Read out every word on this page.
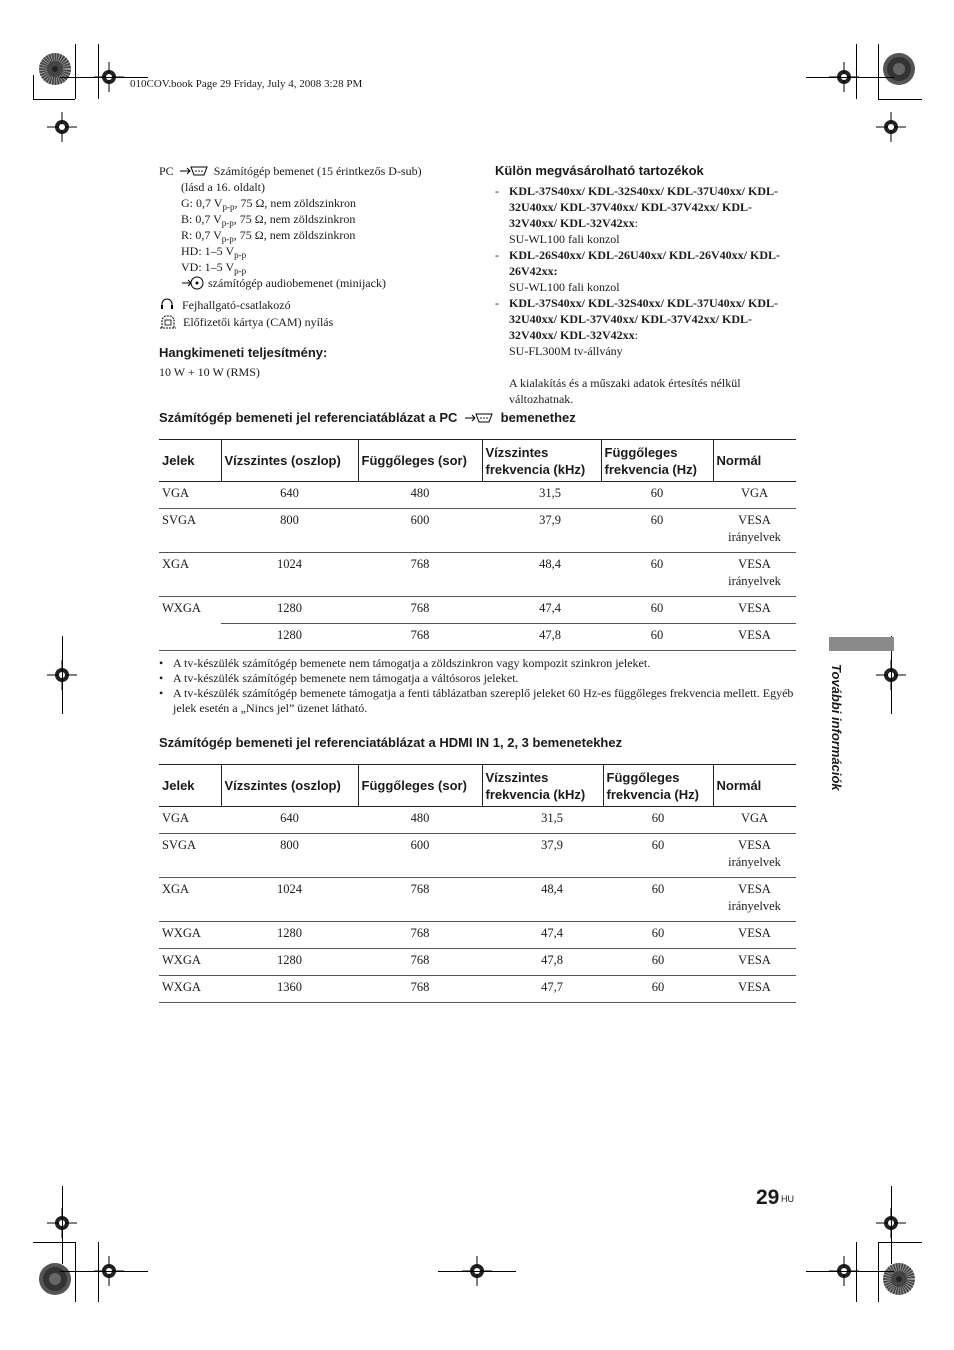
010COV.book Page 29 Friday, July 4, 2008 3:28 PM
PC	Számítógép bemenet (15 érintkezős D-sub)
(lásd a 16. oldalt)
G: 0,7 $V_{p-p}$, 75 Ω, nem zöldszinkron
B: 0,7 $V_{p-p}$, 75 Ω, nem zöldszinkron
R: 0,7 $V_{p-p}$, 75 Ω, nem zöldszinkron
HD: 1–5 $V_{p-p}$
VD: 1–5 $V_{p-p}$
számítógép audiobemenet (minijack)
Fejhallgató-csatlakozó
Előfizetői kártya (CAM) nyílás
Hangkimeneti teljesítmény:
10 W + 10 W (RMS)
Külön megvásárolható tartozékok
- KDL-37S40xx/ KDL-32S40xx/ KDL-37U40xx/ KDL-32U40xx/ KDL-37V40xx/ KDL-37V42xx/ KDL-32V40xx/ KDL-32V42xx:
SU-WL100 fali konzol
- KDL-26S40xx/ KDL-26U40xx/ KDL-26V40xx/ KDL-26V42xx:
SU-WL100 fali konzol
- KDL-37S40xx/ KDL-32S40xx/ KDL-37U40xx/ KDL-32U40xx/ KDL-37V40xx/ KDL-37V42xx/ KDL-32V40xx/ KDL-32V42xx:
SU-FL300M tv-állvány
A kialakítás és a műszaki adatok értesítés nélkül változhatnak.
Számítógép bemeneti jel referenciatáblázat a PC	bemenethez
Jelek	Vízszintes (oszlop)	Függőleges (sor)	Vízszintes frekvencia (kHz)	Függőleges frekvencia (Hz)	Normál
VGA	640	480	31,5	60	VGA
SVGA	800	600	37,9	60	VESA irányelvek
XGA	1024	768	48,4	60	VESA irányelvek
WXGA	1280	768	47,4	60	VESA
	1280	768	47,8	60	VESA
• A tv-készülék számítógép bemenete nem támogatja a zöldszinkron vagy kompozit szinkron jeleket.
• A tv-készülék számítógép bemenete nem támogatja a váltósoros jeleket.
• A tv-készülék számítógép bemenete támogatja a fenti táblázatban szereplő jeleket 60 Hz-es függőleges frekvencia mellett. Egyéb jelek esetén a „Nincs jel” üzenet látható.
Számítógép bemeneti jel referenciatáblázat a HDMI IN 1, 2, 3 bemenetekhez
Jelek	Vízszintes (oszlop)	Függőleges (sor)	Vízszintes frekvencia (kHz)	Függőleges frekvencia (Hz)	Normál
VGA	640	480	31,5	60	VGA
SVGA	800	600	37,9	60	VESA irányelvek
XGA	1024	768	48,4	60	VESA irányelvek
WXGA	1280	768	47,4	60	VESA
WXGA	1280	768	47,8	60	VESA
WXGA	1360	768	47,7	60	VESA
További információk
29 HU
